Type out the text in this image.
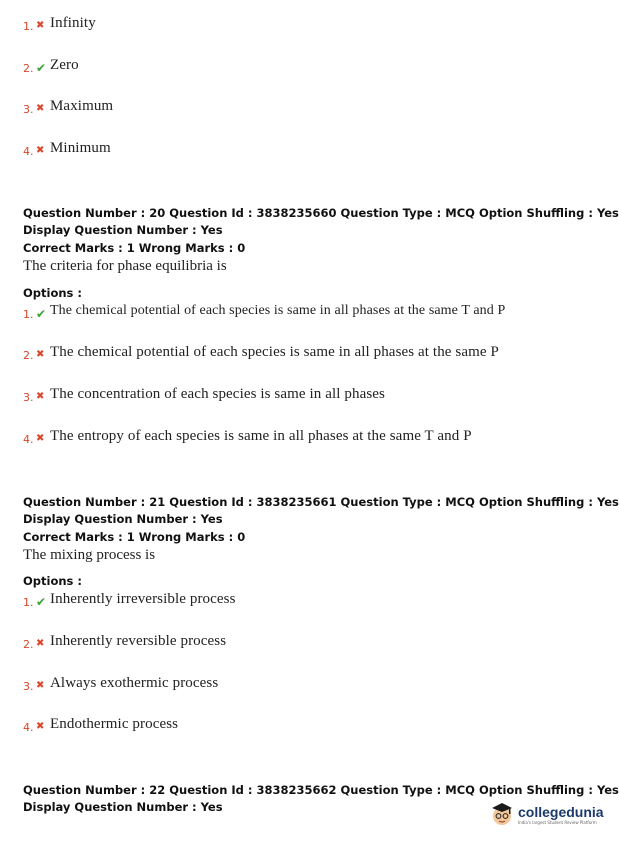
1. ✖ Infinity
2. ✔ Zero
3. ✖ Maximum
4. ✖ Minimum
Question Number : 20 Question Id : 3838235660 Question Type : MCQ Option Shuffling : Yes
Display Question Number : Yes
Correct Marks : 1 Wrong Marks : 0
The criteria for phase equilibria is
Options :
1. ✔ The chemical potential of each species is same in all phases at the same T and P
2. ✖ The chemical potential of each species is same in all phases at the same P
3. ✖ The concentration of each species is same in all phases
4. ✖ The entropy of each species is same in all phases at the same T and P
Question Number : 21 Question Id : 3838235661 Question Type : MCQ Option Shuffling : Yes
Display Question Number : Yes
Correct Marks : 1 Wrong Marks : 0
The mixing process is
Options :
1. ✔ Inherently irreversible process
2. ✖ Inherently reversible process
3. ✖ Always exothermic process
4. ✖ Endothermic process
Question Number : 22 Question Id : 3838235662 Question Type : MCQ Option Shuffling : Yes
Display Question Number : Yes	collegedunia
India's largest Student Review Platform
